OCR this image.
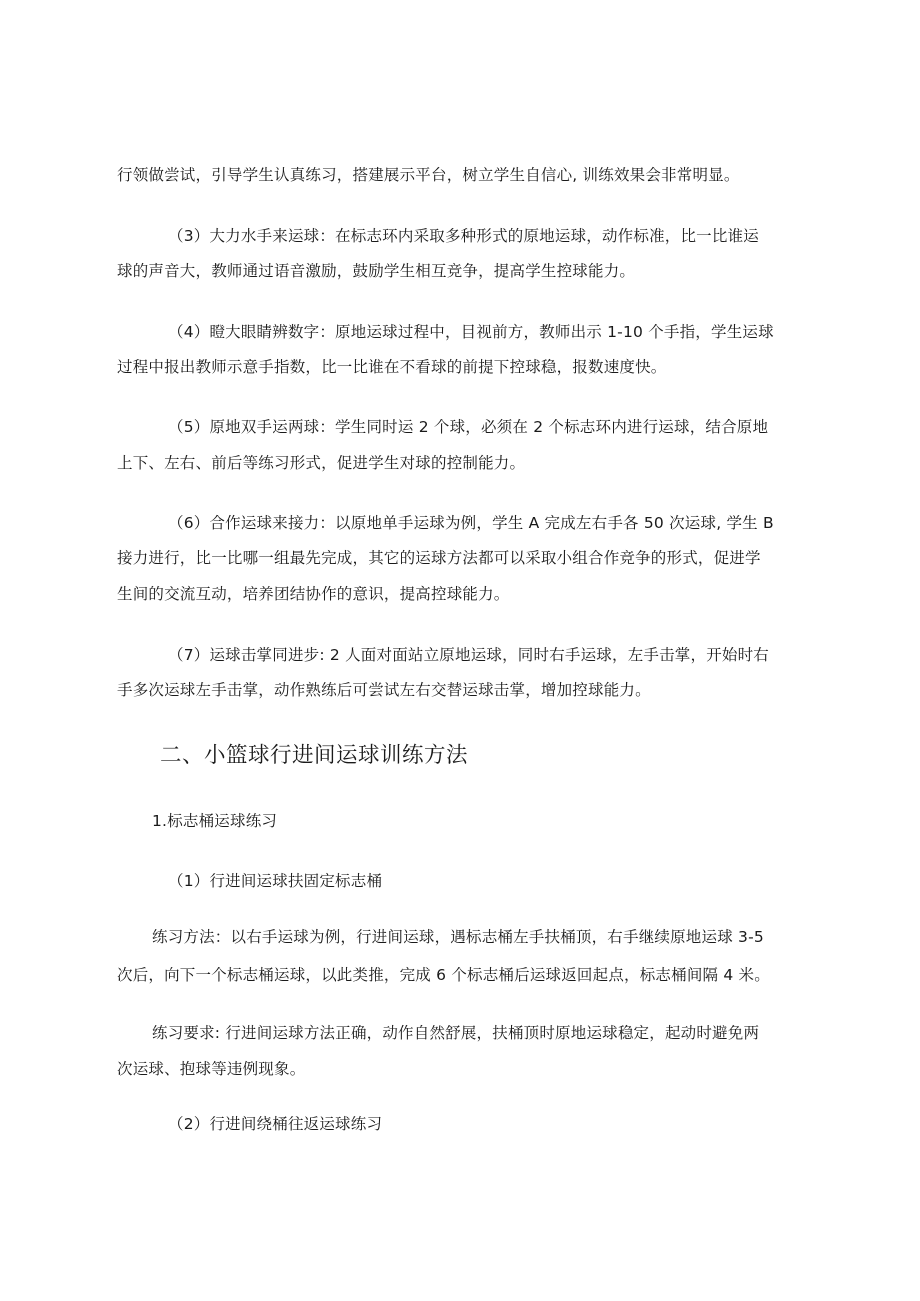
行领做尝试，引导学生认真练习，搭建展示平台，树立学生自信心, 训练效果会非常明显。
（3）大力水手来运球：在标志环内采取多种形式的原地运球，动作标准，比一比谁运
球的声音大，教师通过语音激励，鼓励学生相互竞争，提高学生控球能力。
（4）瞪大眼睛辨数字：原地运球过程中，目视前方，教师出示 1-10 个手指，学生运球
过程中报出教师示意手指数，比一比谁在不看球的前提下控球稳，报数速度快。
（5）原地双手运两球：学生同时运 2 个球，必须在 2 个标志环内进行运球，结合原地
上下、左右、前后等练习形式，促进学生对球的控制能力。
（6）合作运球来接力：以原地单手运球为例，学生 A 完成左右手各 50 次运球, 学生 B
接力进行，比一比哪一组最先完成，其它的运球方法都可以采取小组合作竞争的形式，促进学
生间的交流互动，培养团结协作的意识，提高控球能力。
（7）运球击掌同进步: 2 人面对面站立原地运球，同时右手运球，左手击掌，开始时右
手多次运球左手击掌，动作熟练后可尝试左右交替运球击掌，增加控球能力。
二、小篮球行进间运球训练方法
1.标志桶运球练习
（1）行进间运球扶固定标志桶
练习方法：以右手运球为例，行进间运球，遇标志桶左手扶桶顶，右手继续原地运球 3-5
次后，向下一个标志桶运球，以此类推，完成 6 个标志桶后运球返回起点，标志桶间隔 4 米。
练习要求: 行进间运球方法正确，动作自然舒展，扶桶顶时原地运球稳定，起动时避免两
次运球、抱球等违例现象。
（2）行进间绕桶往返运球练习
